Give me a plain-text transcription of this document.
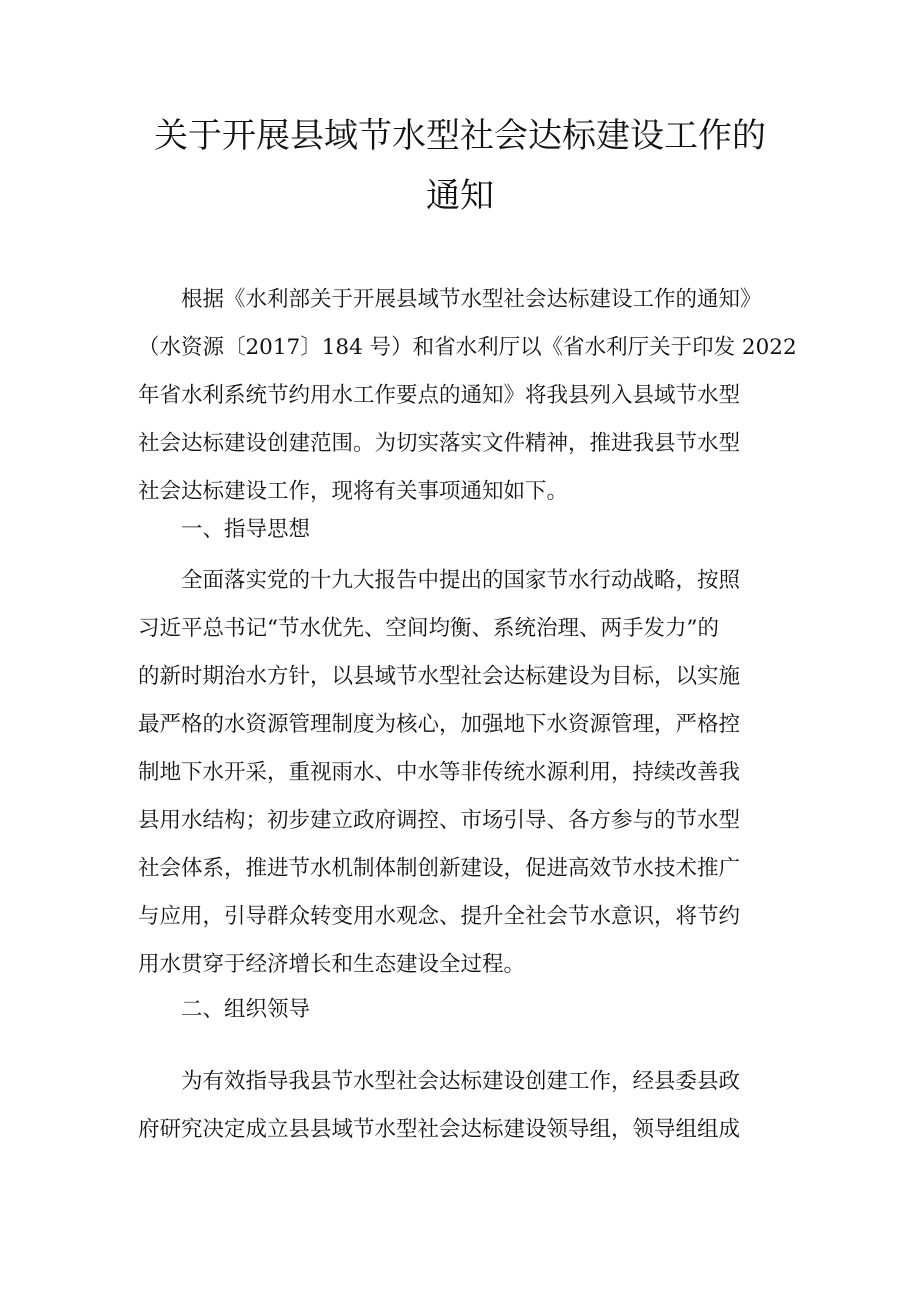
关于开展县域节水型社会达标建设工作的
通知
根据《水利部关于开展县域节水型社会达标建设工作的通知》
（水资源〔2017〕184 号）和省水利厅以《省水利厅关于印发 2022
年省水利系统节约用水工作要点的通知》将我县列入县域节水型
社会达标建设创建范围。为切实落实文件精神，推进我县节水型
社会达标建设工作，现将有关事项通知如下。
一、指导思想
全面落实党的十九大报告中提出的国家节水行动战略，按照
习近平总书记“节水优先、空间均衡、系统治理、两手发力”的
的新时期治水方针，以县域节水型社会达标建设为目标，以实施
最严格的水资源管理制度为核心，加强地下水资源管理，严格控
制地下水开采，重视雨水、中水等非传统水源利用，持续改善我
县用水结构；初步建立政府调控、市场引导、各方参与的节水型
社会体系，推进节水机制体制创新建设，促进高效节水技术推广
与应用，引导群众转变用水观念、提升全社会节水意识，将节约
用水贯穿于经济增长和生态建设全过程。
二、组织领导
为有效指导我县节水型社会达标建设创建工作，经县委县政
府研究决定成立县县域节水型社会达标建设领导组，领导组组成
